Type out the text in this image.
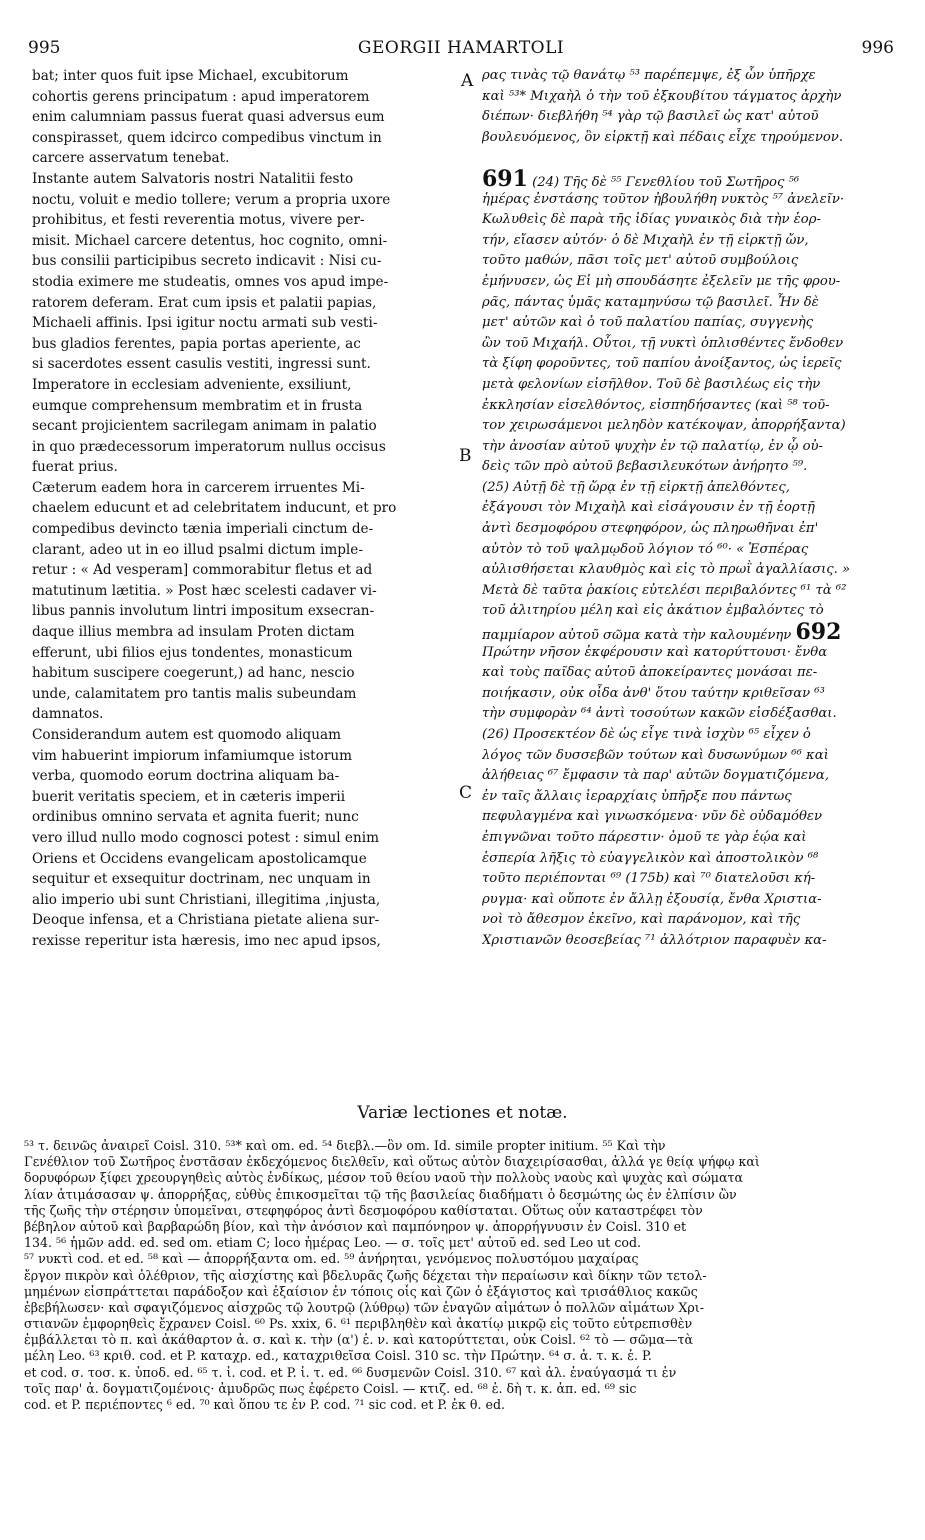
995	GEORGII HAMARTOLI	996
A
B
C
bat; inter quos fuit ipse Michael, excubitorum
cohortis gerens principatum : apud imperatorem
enim calumniam passus fuerat quasi adversus eum
conspirasset, quem idcirco compedibus vinctum in
carcere asservatum tenebat.
Instante autem Salvatoris nostri Natalitii festo
noctu, voluit e medio tollere; verum a propria uxore
prohibitus, et festi reverentia motus, vivere per-
misit. Michael carcere detentus, hoc cognito, omni-
bus consilii participibus secreto indicavit : Nisi cu-
stodia eximere me studeatis, omnes vos apud impe-
ratorem deferam. Erat cum ipsis et palatii papias,
Michaeli affinis. Ipsi igitur noctu armati sub vesti-
bus gladios ferentes, papia portas aperiente, ac
si sacerdotes essent casulis vestiti, ingressi sunt.
Imperatore in ecclesiam adveniente, exsiliunt,
eumque comprehensum membratim et in frusta
secant projicientem sacrilegam animam in palatio
in quo prædecessorum imperatorum nullus occisus
fuerat prius.
Cæterum eadem hora in carcerem irruentes Mi-
chaelem educunt et ad celebritatem inducunt, et pro
compedibus devincto tænia imperiali cinctum de-
clarant, adeo ut in eo illud psalmi dictum imple-
retur : « Ad vesperam] commorabitur fletus et ad
matutinum lætitia. » Post hæc scelesti cadaver vi-
libus pannis involutum lintri impositum exsecran-
daque illius membra ad insulam Proten dictam
efferunt, ubi filios ejus tondentes, monasticum
habitum suscipere coegerunt,) ad hanc, nescio
unde, calamitatem pro tantis malis subeundam
damnatos.
Considerandum autem est quomodo aliquam
vim habuerint impiorum infamiumque istorum
verba, quomodo eorum doctrina aliquam ba-
buerit veritatis speciem, et in cæteris imperii
ordinibus omnino servata et agnita fuerit; nunc
vero illud nullo modo cognosci potest : simul enim
Oriens et Occidens evangelicam apostolicamque
sequitur et exsequitur doctrinam, nec unquam in
alio imperio ubi sunt Christiani, illegitima ,injusta,
Deoque infensa, et a Christiana pietate aliena sur-
rexisse reperitur ista hæresis, imo nec apud ipsos,
ρας τινὰς τῷ θανάτῳ ⁵³ παρέπεμψε, ἐξ ὧν ὑπῆρχε
καὶ ⁵³* Μιχαὴλ ὁ τὴν τοῦ ἐξκουβίτου τάγματος ἀρχὴν
διέπων· διεβλήθη ⁵⁴ γὰρ τῷ βασιλεῖ ὡς κατ' αὐτοῦ
βουλευόμενος, ὃν εἱρκτῇ καὶ πέδαις εἶχε τηρούμενον.
691 (24) Τῆς δὲ ⁵⁵ Γενεθλίου τοῦ Σωτῆρος ⁵⁶
ἡμέρας ἐνστάσης τοῦτον ἠβουλήθη νυκτὸς ⁵⁷ ἀνελεῖν·
Κωλυθεὶς δὲ παρὰ τῆς ἰδίας γυναικὸς διὰ τὴν ἑορ-
τήν, εἴασεν αὐτόν· ὁ δὲ Μιχαὴλ ἐν τῇ εἱρκτῇ ὤν,
τοῦτο μαθών, πᾶσι τοῖς μετ' αὐτοῦ συμβούλοις
ἐμήνυσεν, ὡς Εἰ μὴ σπουδάσητε ἐξελεῖν με τῆς φρου-
ρᾶς, πάντας ὑμᾶς καταμηνύσω τῷ βασιλεῖ. Ἦν δὲ
μετ' αὐτῶν καὶ ὁ τοῦ παλατίου παπίας, συγγενὴς
ὢν τοῦ Μιχαήλ. Οὗτοι, τῇ νυκτὶ ὁπλισθέντες ἔνδοθεν
τὰ ξίφη φοροῦντες, τοῦ παπίου ἀνοίξαντος, ὡς ἱερεῖς
μετὰ φελονίων εἰσῆλθον. Τοῦ δὲ βασιλέως εἰς τὴν
ἐκκλησίαν εἰσελθόντος, εἰσπηδήσαντες (καὶ ⁵⁸ τοῦ-
τον χειρωσάμενοι μεληδὸν κατέκοψαν, ἀπορρήξαντα)
τὴν ἀνοσίαν αὐτοῦ ψυχὴν ἐν τῷ παλατίῳ, ἐν ᾧ οὐ-
δεὶς τῶν πρὸ αὐτοῦ βεβασιλευκότων ἀνήρητο ⁵⁹.
(25) Αὐτῇ δὲ τῇ ὥρᾳ ἐν τῇ εἱρκτῇ ἀπελθόντες,
ἐξάγουσι τὸν Μιχαὴλ καὶ εἰσάγουσιν ἐν τῇ ἑορτῇ
ἀντὶ δεσμοφόρου στεφηφόρον, ὡς πληρωθῆναι ἐπ'
αὐτὸν τὸ τοῦ ψαλμῳδοῦ λόγιον τό ⁶⁰· « Ἑσπέρας
αὐλισθήσεται κλαυθμὸς καὶ εἰς τὸ πρωῒ ἀγαλλίασις. »
Μετὰ δὲ ταῦτα ῥακίοις εὐτελέσι περιβαλόντες ⁶¹ τὰ ⁶²
τοῦ ἀλιτηρίου μέλη καὶ εἰς ἀκάτιον ἐμβαλόντες τὸ
παμμίαρον αὐτοῦ σῶμα κατὰ τὴν καλουμένην 692
Πρώτην νῆσον ἐκφέρουσιν καὶ κατορύττουσι· ἔνθα
καὶ τοὺς παῖδας αὐτοῦ ἀποκείραντες μονάσαι πε-
ποιήκασιν, οὐκ οἶδα ἀνθ' ὅτου ταύτην κριθεῖσαν ⁶³
τὴν συμφορὰν ⁶⁴ ἀντὶ τοσούτων κακῶν εἰσδέξασθαι.
(26) Προσεκτέον δὲ ὡς εἶγε τινὰ ἰσχὺν ⁶⁵ εἶχεν ὁ
λόγος τῶν δυσσεβῶν τούτων καὶ δυσωνύμων ⁶⁶ καὶ
ἀλήθειας ⁶⁷ ἔμφασιν τὰ παρ' αὐτῶν δογματιζόμενα,
ἐν ταῖς ἄλλαις ἱεραρχίαις ὑπῆρξε που πάντως
πεφυλαγμένα καὶ γινωσκόμενα· νῦν δὲ οὐδαμόθεν
ἐπιγνῶναι τοῦτο πάρεστιν· ὁμοῦ τε γὰρ ἑῴα καὶ
ἑσπερία λῆξις τὸ εὐαγγελικὸν καὶ ἀποστολικὸν ⁶⁸
τοῦτο περιέπονται ⁶⁹ (175b) καὶ ⁷⁰ διατελοῦσι κή-
ρυγμα· καὶ οὔποτε ἐν ἄλλῃ ἐξουσίᾳ, ἔνθα Χριστια-
νοὶ τὸ ἄθεσμον ἐκεῖνο, καὶ παράνομον, καὶ τῆς
Χριστιανῶν θεοσεβείας ⁷¹ ἀλλότριον παραφυὲν κα-
Variæ lectiones et notæ.
⁵³ τ. δεινῶς ἀναιρεῖ Coisl. 310. ⁵³* καὶ om. ed. ⁵⁴ διεβλ.—ὃν om. Id. simile propter initium. ⁵⁵ Καὶ τὴν
Γενέθλιον τοῦ Σωτῆρος ἐνστᾶσαν ἐκδεχόμενος διελθεῖν, καὶ οὕτως αὐτὸν διαχειρίσασθαι, ἀλλά γε θείᾳ ψήφῳ καὶ
δορυφόρων ξίφει χρεουργηθεὶς αὐτὸς ἐνδίκως, μέσον τοῦ θείου ναοῦ τὴν πολλοὺς ναοὺς καὶ ψυχὰς καὶ σώματα
λίαν ἀτιμάσασαν ψ. ἀπορρήξας, εὐθὺς ἐπικοσμεῖται τῷ τῆς βασιλείας διαδήματι ὁ δεσμώτης ὡς ἐν ἐλπίσιν ὢν
τῆς ζωῆς τὴν στέρησιν ὑπομεῖναι, στεφηφόρος ἀντὶ δεσμοφόρου καθίσταται. Οὕτως οὖν καταστρέφει τὸν
βέβηλον αὐτοῦ καὶ βαρβαρώδη βίον, καὶ τὴν ἀνόσιον καὶ παμπόνηρον ψ. ἀπορρήγνυσιν ἐν Coisl. 310 et
134. ⁵⁶ ἡμῶν add. ed. sed om. etiam C; loco ἡμέρας Leo. — σ. τοῖς μετ' αὐτοῦ ed. sed Leo ut cod.
⁵⁷ νυκτὶ cod. et ed. ⁵⁸ καὶ — ἀπορρήξαντα om. ed. ⁵⁹ ἀνήρηται, γενόμενος πολυστόμου μαχαίρας
ἔργον πικρὸν καὶ ὀλέθριον, τῆς αἰσχίστης καὶ βδελυρᾶς ζωῆς δέχεται τὴν περαίωσιν καὶ δίκην τῶν τετολ-
μημένων εἰσπράττεται παράδοξον καὶ ἐξαίσιον ἐν τόποις οἷς καὶ ζῶν ὁ ἐξάγιστος καὶ τρισάθλιος κακῶς
ἐβεβήλωσεν· καὶ σφαγιζόμενος αἰσχρῶς τῷ λουτρῷ (λύθρῳ) τῶν ἐναγῶν αἱμάτων ὁ πολλῶν αἱμάτων Χρι-
στιανῶν ἐμφορηθεὶς ἔχρανεν Coisl. ⁶⁰ Ps. xxix, 6. ⁶¹ περιβληθὲν καὶ ἀκατίῳ μικρῷ εἰς τοῦτο εὐτρεπισθὲν
ἐμβάλλεται τὸ π. καὶ ἀκάθαρτον ἀ. σ. καὶ κ. τὴν (α') ἐ. ν. καὶ κατορύττεται, οὐκ Coisl. ⁶² τὸ — σῶμα—τὰ
μέλη Leo. ⁶³ κριθ. cod. et P. καταχρ. ed., καταχριθεῖσα Coisl. 310 sc. τὴν Πρώτην. ⁶⁴ σ. ἀ. τ. κ. ἐ. P.
et cod. σ. τοσ. κ. ὑποδ. ed. ⁶⁵ τ. ἰ. cod. et P. ἰ. τ. ed. ⁶⁶ δυσμενῶν Coisl. 310. ⁶⁷ καὶ ἀλ. ἐναύγασμά τι ἐν
τοῖς παρ' ἀ. δογματιζομένοις· ἀμυδρῶς πως ἐφέρετο Coisl. — κτιζ. ed. ⁶⁸ ἐ. δὴ τ. κ. ἀπ. ed. ⁶⁹ sic
cod. et P. περιέποντες ⁶ ed. ⁷⁰ καὶ ὅπου τε ἐν P. cod. ⁷¹ sic cod. et P. ἐκ θ. ed.
